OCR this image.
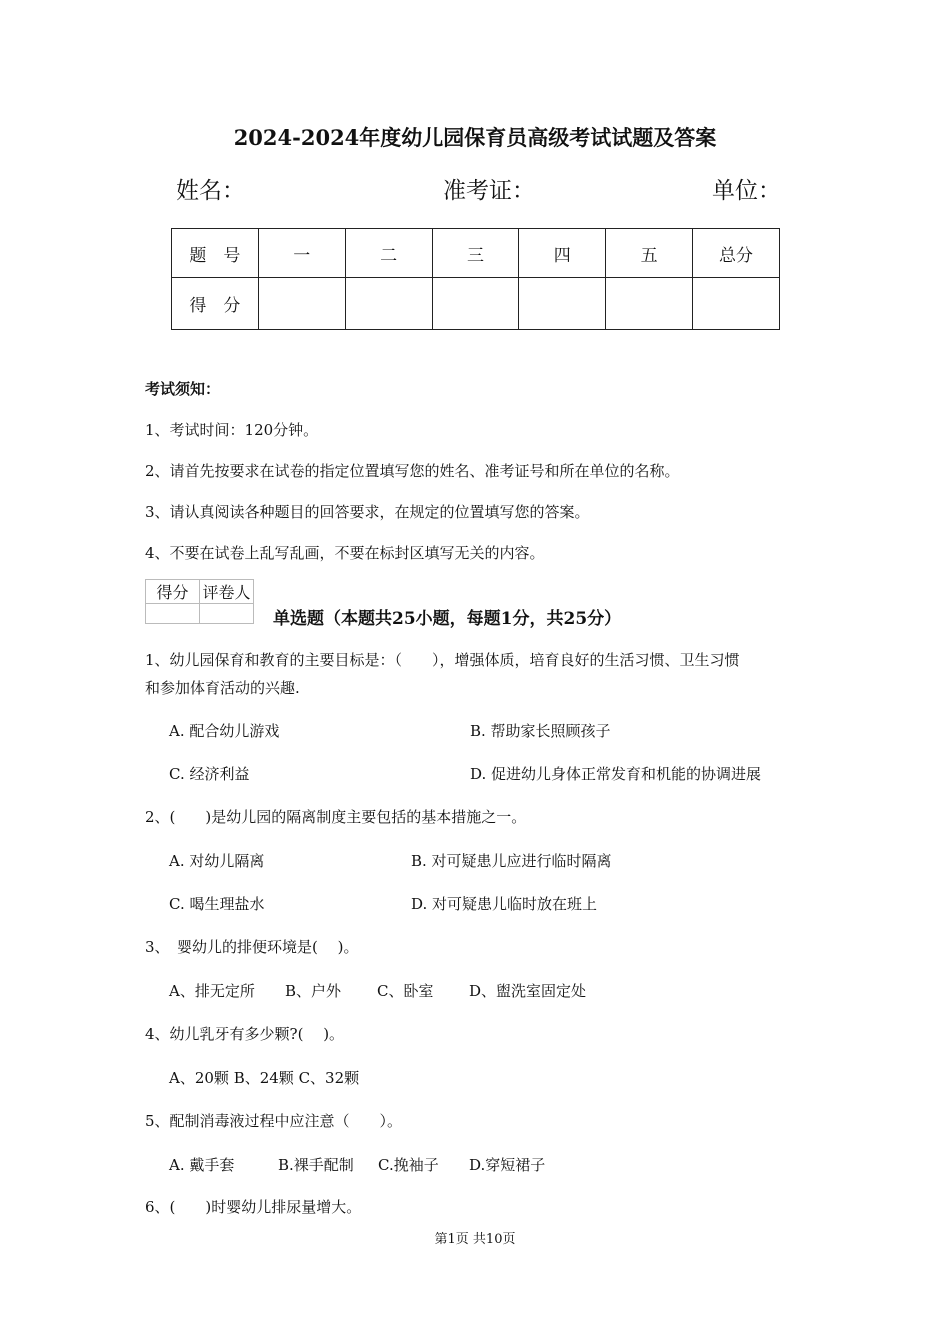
2024-2024年度幼儿园保育员高级考试试题及答案
姓名：	准考证：	单位：
题　号	一	二	三	四	五	总分
得　分						
考试须知：
1、考试时间：120分钟。
2、请首先按要求在试卷的指定位置填写您的姓名、准考证号和所在单位的名称。
3、请认真阅读各种题目的回答要求，在规定的位置填写您的答案。
4、不要在试卷上乱写乱画，不要在标封区填写无关的内容。
得分	评卷人

单选题（本题共25小题，每题1分，共25分）
1、幼儿园保育和教育的主要目标是：（　　），增强体质，培育良好的生活习惯、卫生习惯
和参加体育活动的兴趣.
A. 配合幼儿游戏	B. 帮助家长照顾孩子
C. 经济利益	D. 促进幼儿身体正常发育和机能的协调进展
2、(　　)是幼儿园的隔离制度主要包括的基本措施之一。
A. 对幼儿隔离	B. 对可疑患儿应进行临时隔离
C. 喝生理盐水	D. 对可疑患儿临时放在班上
3、　婴幼儿的排便环境是(　 )。
A、排无定所 B、户外 C、卧室 D、盥洗室固定处
4、幼儿乳牙有多少颗?(　 )。
A、20颗 B、24颗 C、32颗
5、配制消毒液过程中应注意（　　）。
A. 戴手套	B.裸手配制 C.挽袖子 D.穿短裙子
6、(　　)时婴幼儿排尿量增大。
第1页 共10页
